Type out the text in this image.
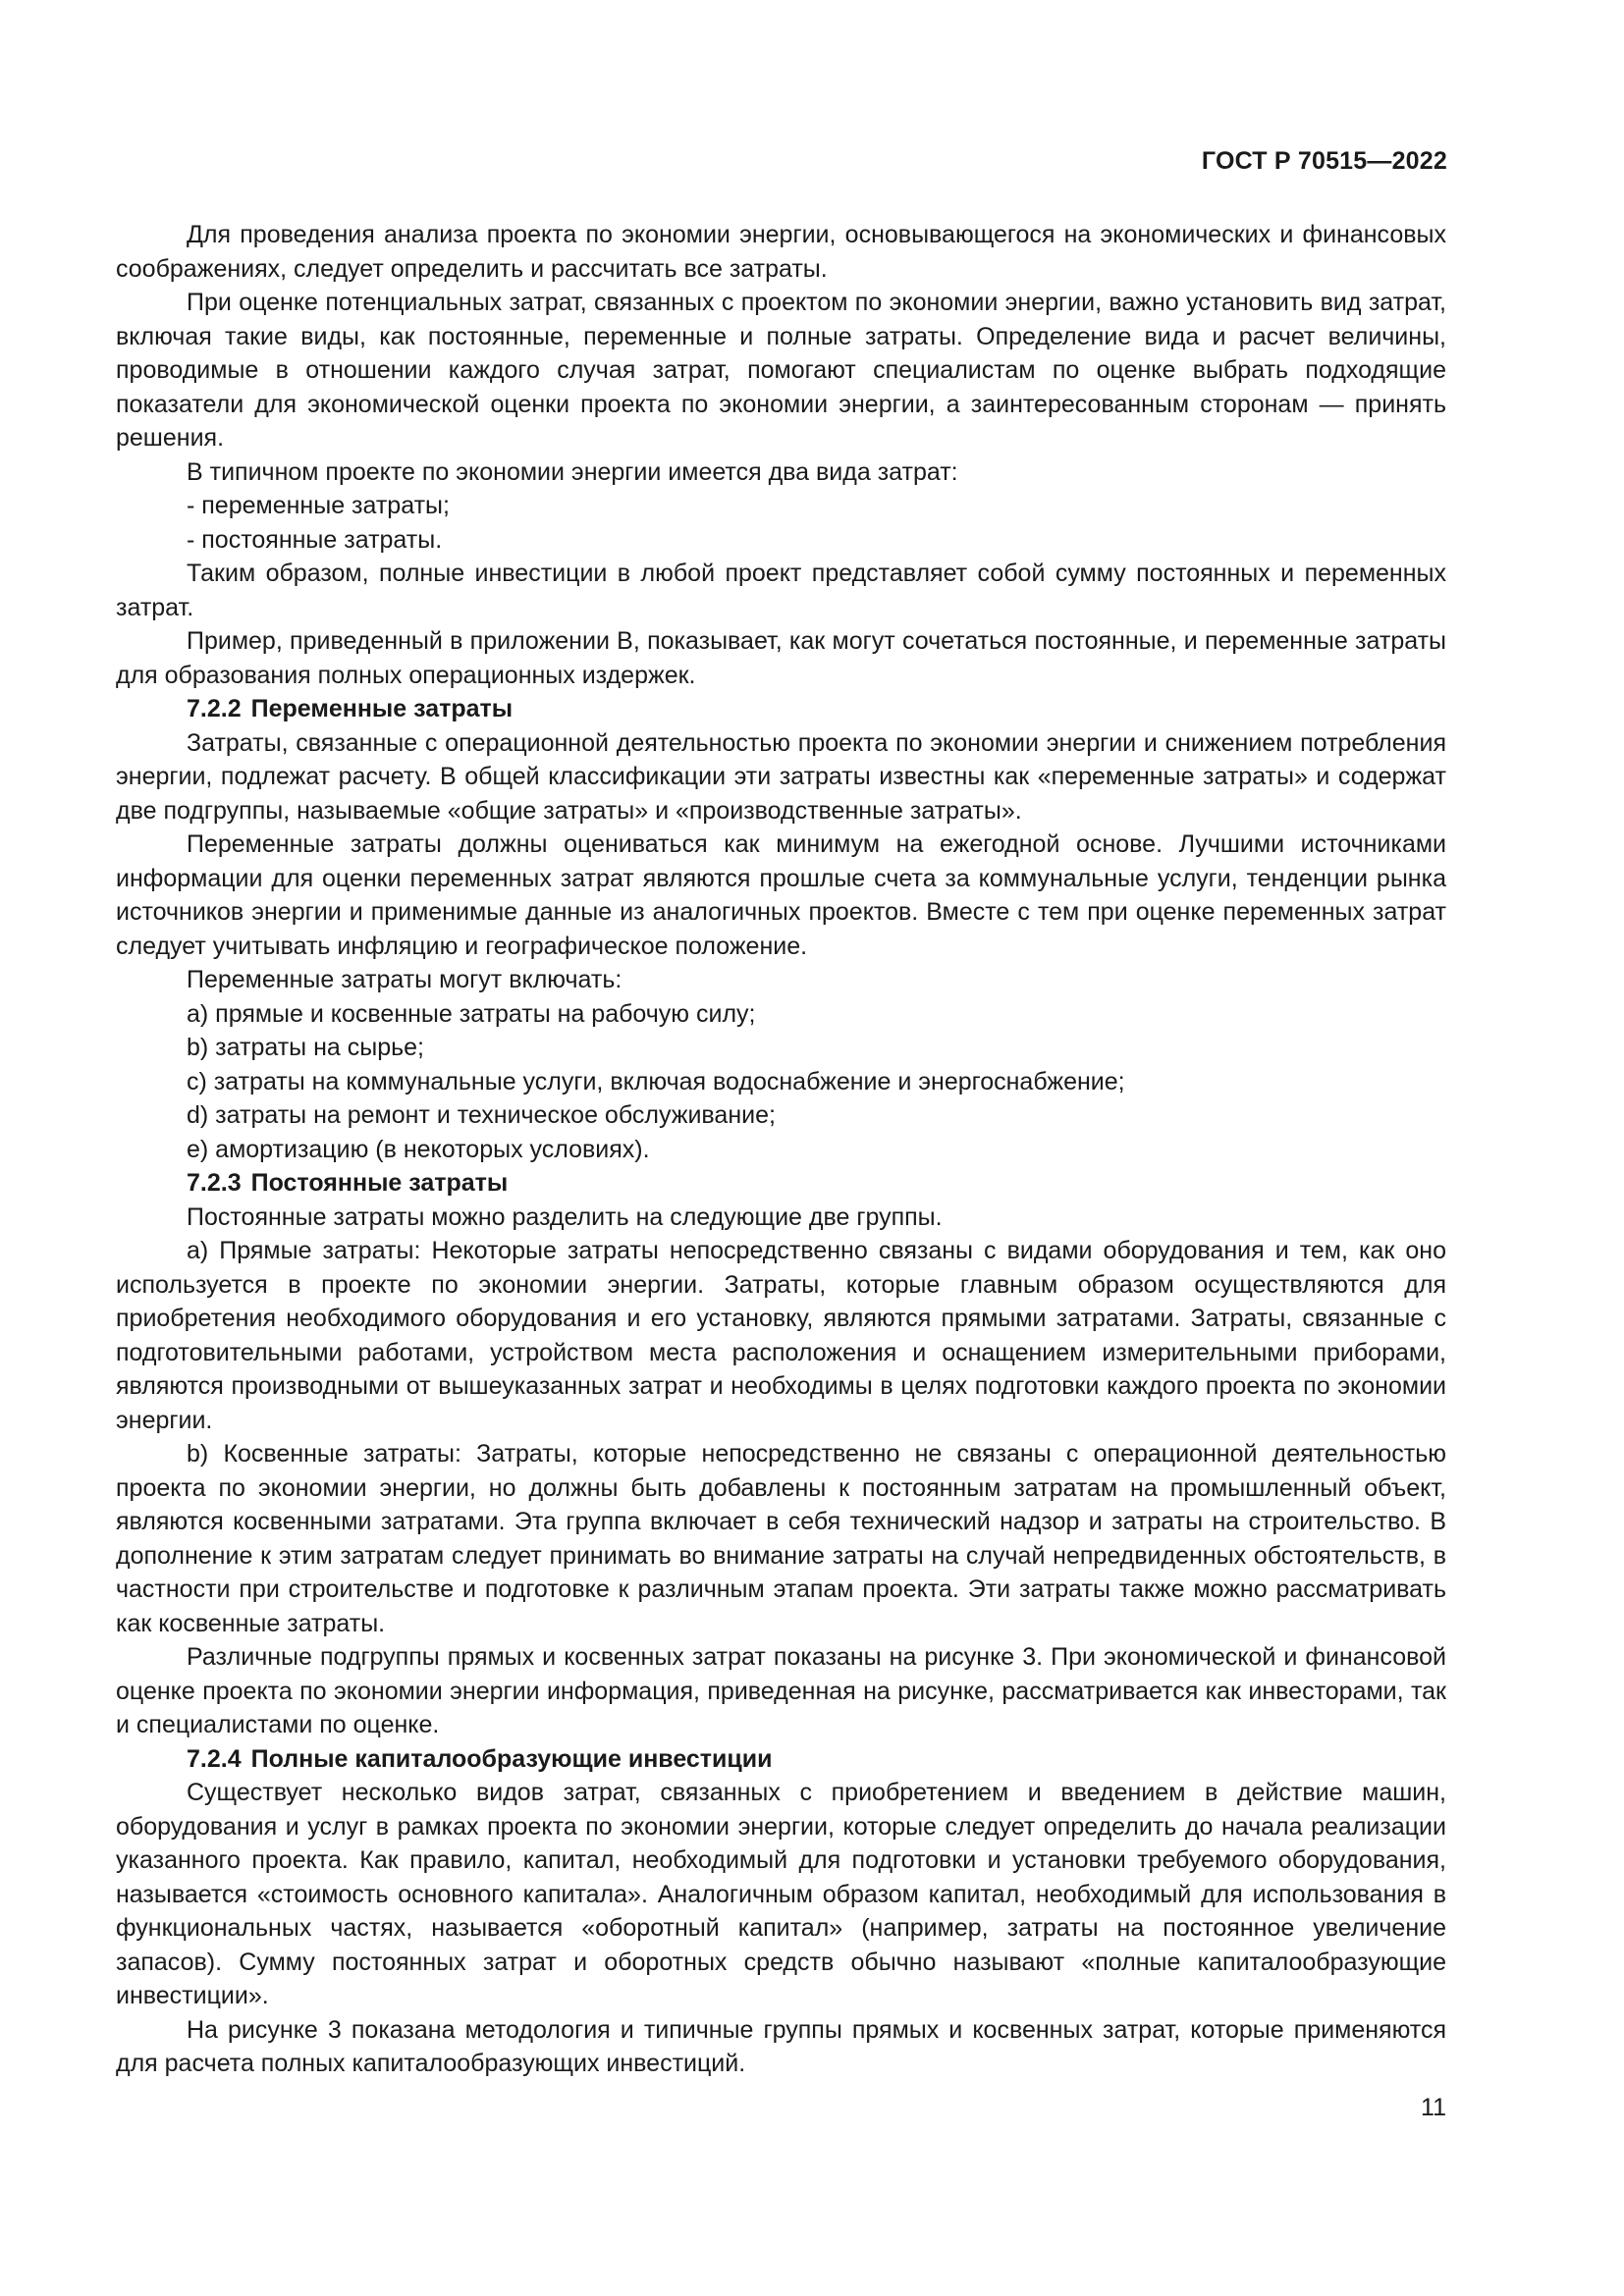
ГОСТ Р 70515—2022

Для проведения анализа проекта по экономии энергии, основывающегося на экономических и финансовых соображениях, следует определить и рассчитать все затраты.

При оценке потенциальных затрат, связанных с проектом по экономии энергии, важно установить вид затрат, включая такие виды, как постоянные, переменные и полные затраты. Определение вида и расчет величины, проводимые в отношении каждого случая затрат, помогают специалистам по оценке выбрать подходящие показатели для экономической оценки проекта по экономии энергии, а заинтересованным сторонам — принять решения.

В типичном проекте по экономии энергии имеется два вида затрат:

- переменные затраты;

- постоянные затраты.

Таким образом, полные инвестиции в любой проект представляет собой сумму постоянных и переменных затрат.

Пример, приведенный в приложении В, показывает, как могут сочетаться постоянные, и переменные затраты для образования полных операционных издержек.

7.2.2 Переменные затраты

Затраты, связанные с операционной деятельностью проекта по экономии энергии и снижением потребления энергии, подлежат расчету. В общей классификации эти затраты известны как «переменные затраты» и содержат две подгруппы, называемые «общие затраты» и «производственные затраты».

Переменные затраты должны оцениваться как минимум на ежегодной основе. Лучшими источниками информации для оценки переменных затрат являются прошлые счета за коммунальные услуги, тенденции рынка источников энергии и применимые данные из аналогичных проектов. Вместе с тем при оценке переменных затрат следует учитывать инфляцию и географическое положение.

Переменные затраты могут включать:

a) прямые и косвенные затраты на рабочую силу;

b) затраты на сырье;

c) затраты на коммунальные услуги, включая водоснабжение и энергоснабжение;

d) затраты на ремонт и техническое обслуживание;

e) амортизацию (в некоторых условиях).

7.2.3 Постоянные затраты

Постоянные затраты можно разделить на следующие две группы.

a) Прямые затраты: Некоторые затраты непосредственно связаны с видами оборудования и тем, как оно используется в проекте по экономии энергии. Затраты, которые главным образом осуществляются для приобретения необходимого оборудования и его установку, являются прямыми затратами. Затраты, связанные с подготовительными работами, устройством места расположения и оснащением измерительными приборами, являются производными от вышеуказанных затрат и необходимы в целях подготовки каждого проекта по экономии энергии.

b) Косвенные затраты: Затраты, которые непосредственно не связаны с операционной деятельностью проекта по экономии энергии, но должны быть добавлены к постоянным затратам на промышленный объект, являются косвенными затратами. Эта группа включает в себя технический надзор и затраты на строительство. В дополнение к этим затратам следует принимать во внимание затраты на случай непредвиденных обстоятельств, в частности при строительстве и подготовке к различным этапам проекта. Эти затраты также можно рассматривать как косвенные затраты.

Различные подгруппы прямых и косвенных затрат показаны на рисунке 3. При экономической и финансовой оценке проекта по экономии энергии информация, приведенная на рисунке, рассматривается как инвесторами, так и специалистами по оценке.

7.2.4 Полные капиталообразующие инвестиции

Существует несколько видов затрат, связанных с приобретением и введением в действие машин, оборудования и услуг в рамках проекта по экономии энергии, которые следует определить до начала реализации указанного проекта. Как правило, капитал, необходимый для подготовки и установки требуемого оборудования, называется «стоимость основного капитала». Аналогичным образом капитал, необходимый для использования в функциональных частях, называется «оборотный капитал» (например, затраты на постоянное увеличение запасов). Сумму постоянных затрат и оборотных средств обычно называют «полные капиталообразующие инвестиции».

На рисунке 3 показана методология и типичные группы прямых и косвенных затрат, которые применяются для расчета полных капиталообразующих инвестиций.

11
